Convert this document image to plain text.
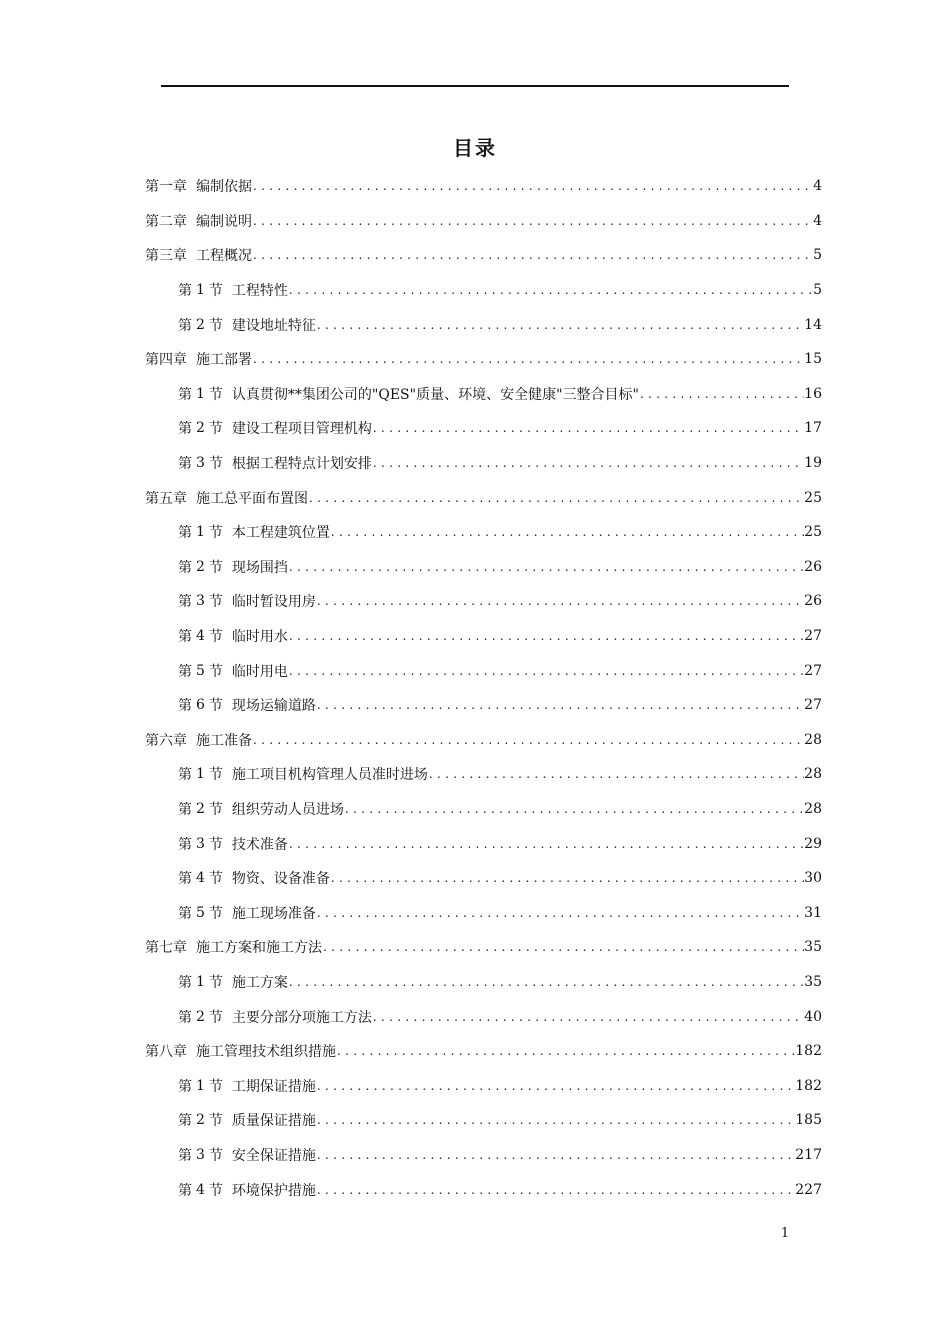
目录
第一章 编制依据 .....	4
第二章 编制说明 .....	4
第三章 工程概况 .....	5
第 1 节 工程特性 .....	5
第 2 节 建设地址特征 .....	14
第四章 施工部署 .....	15
第 1 节 认真贯彻**集团公司的"QES"质量、环境、安全健康"三整合目标" .....	16
第 2 节 建设工程项目管理机构 .....	17
第 3 节 根据工程特点计划安排 .....	19
第五章 施工总平面布置图 .....	25
第 1 节 本工程建筑位置 .....	25
第 2 节 现场围挡 .....	26
第 3 节 临时暂设用房 .....	26
第 4 节 临时用水 .....	27
第 5 节 临时用电 .....	27
第 6 节 现场运输道路 .....	27
第六章 施工准备 .....	28
第 1 节 施工项目机构管理人员准时进场 .....	28
第 2 节 组织劳动人员进场 .....	28
第 3 节 技术准备 .....	29
第 4 节 物资、设备准备 .....	30
第 5 节 施工现场准备 .....	31
第七章 施工方案和施工方法 .....	35
第 1 节 施工方案 .....	35
第 2 节 主要分部分项施工方法 .....	40
第八章 施工管理技术组织措施 .....	182
第 1 节 工期保证措施 .....	182
第 2 节 质量保证措施 .....	185
第 3 节 安全保证措施 .....	217
第 4 节 环境保护措施 .....	227
1
